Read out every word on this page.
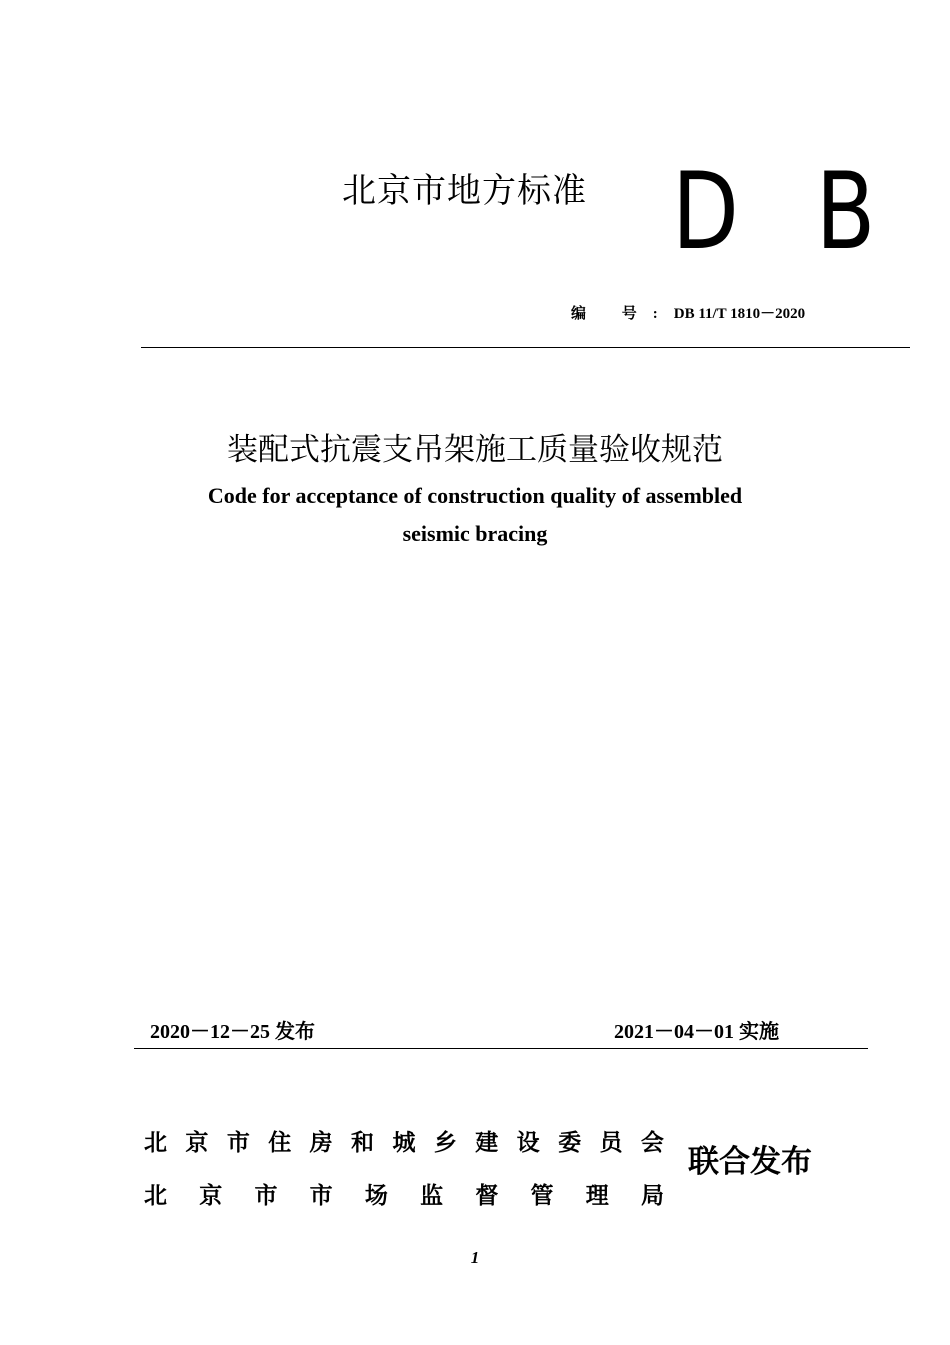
北京市地方标准 D B
编 号:DB 11/T 1810－2020
装配式抗震支吊架施工质量验收规范
Code for acceptance of construction quality of assembled
seismic bracing
2020－12－25 发布	2021－04－01 实施
北 京 市 住 房 和 城 乡 建 设 委 员 会
北 京 市 市 场 监 督 管 理 局
联合发布
1
